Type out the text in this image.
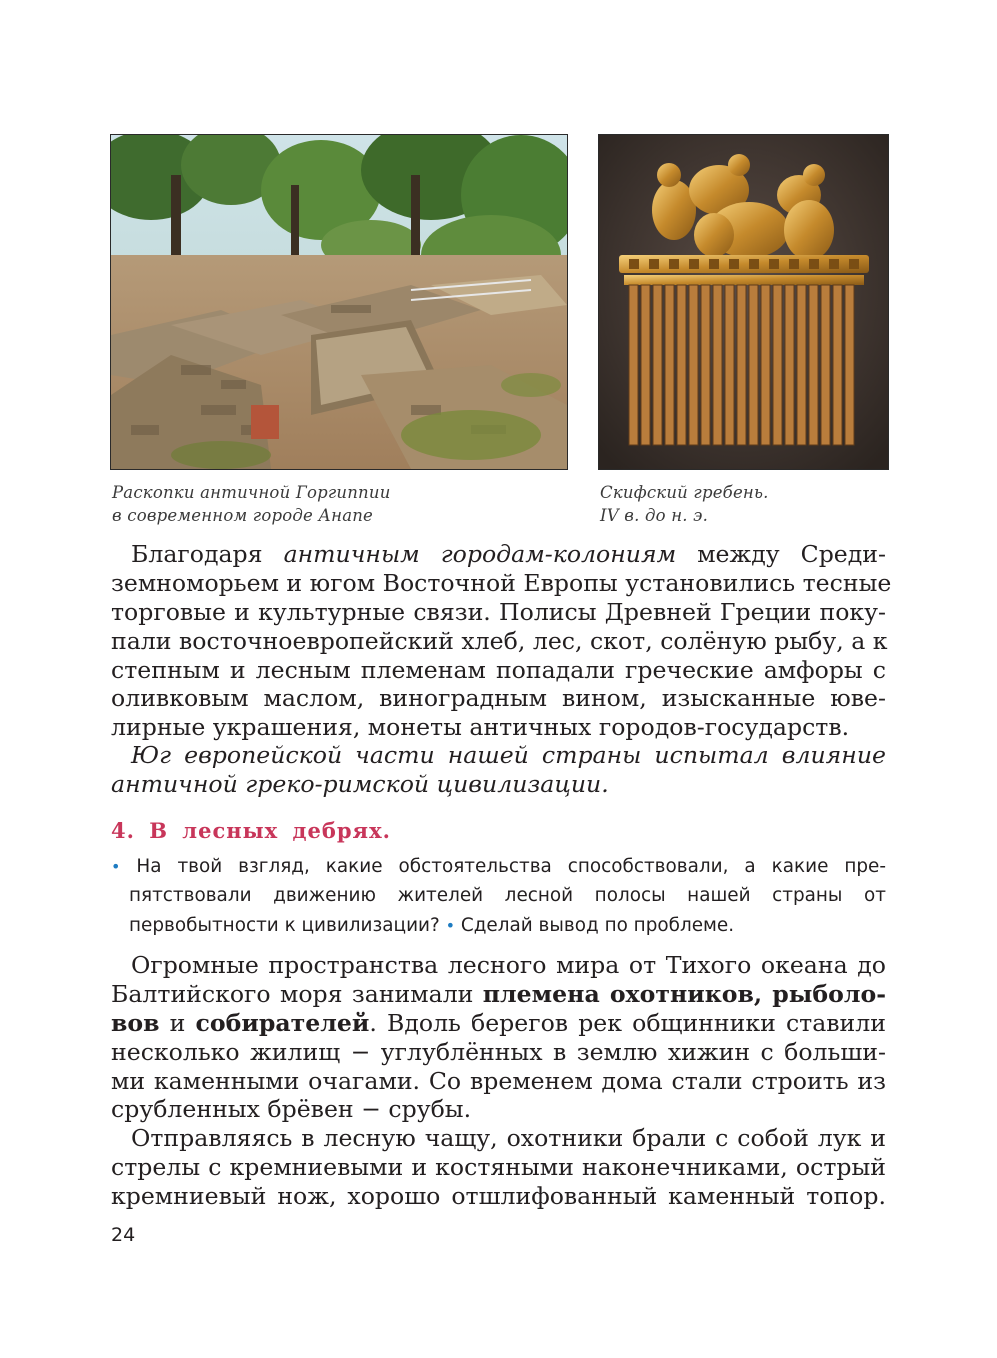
Раскопки античной Горгиппии
в современном городе Анапе
Скифский гребень.
IV в. до н. э.
Благодаря античным городам-колониям между Среди-
земноморьем и югом Восточной Европы установились тесные
торговые и культурные связи. Полисы Древней Греции поку-
пали восточноевропейский хлеб, лес, скот, солёную рыбу, а к
степным и лесным племенам попадали греческие амфоры с
оливковым маслом, виноградным вином, изысканные юве-
лирные украшения, монеты античных городов-государств.
Юг европейской части нашей страны испытал влияние
античной греко-римской цивилизации.
4. В лесных дебрях.
• На твой взгляд, какие обстоятельства способствовали, а какие пре-
пятствовали движению жителей лесной полосы нашей страны от
первобытности к цивилизации? • Сделай вывод по проблеме.
Огромные пространства лесного мира от Тихого океана до
Балтийского моря занимали племена охотников, рыболо-
вов и собирателей. Вдоль берегов рек общинники ставили
несколько жилищ − углублённых в землю хижин с больши-
ми каменными очагами. Со временем дома стали строить из
срубленных брёвен − срубы.
Отправляясь в лесную чащу, охотники брали с собой лук и
стрелы с кремниевыми и костяными наконечниками, острый
кремниевый нож, хорошо отшлифованный каменный топор.
24
